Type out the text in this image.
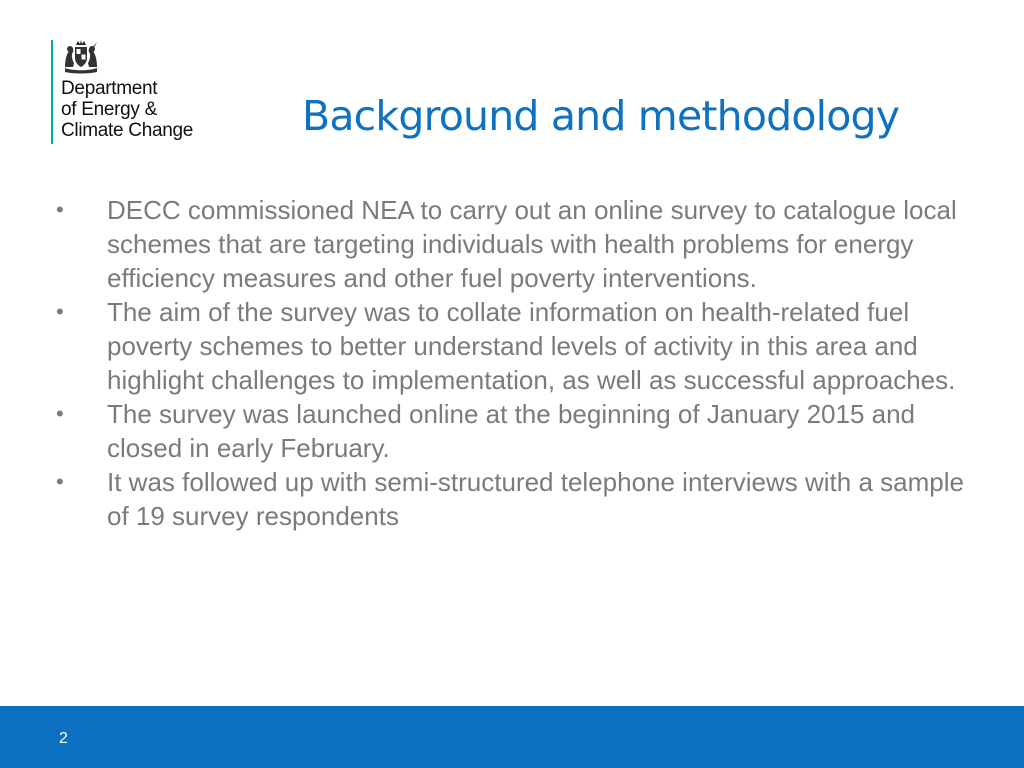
Department
of Energy &
Climate Change	Background and methodology
• DECC commissioned NEA to carry out an online survey to catalogue local schemes that are targeting individuals with health problems for energy efficiency measures and other fuel poverty interventions.
• The aim of the survey was to collate information on health-related fuel poverty schemes to better understand levels of activity in this area and highlight challenges to implementation, as well as successful approaches.
• The survey was launched online at the beginning of January 2015 and closed in early February.
• It was followed up with semi-structured telephone interviews with a sample of 19 survey respondents
2
